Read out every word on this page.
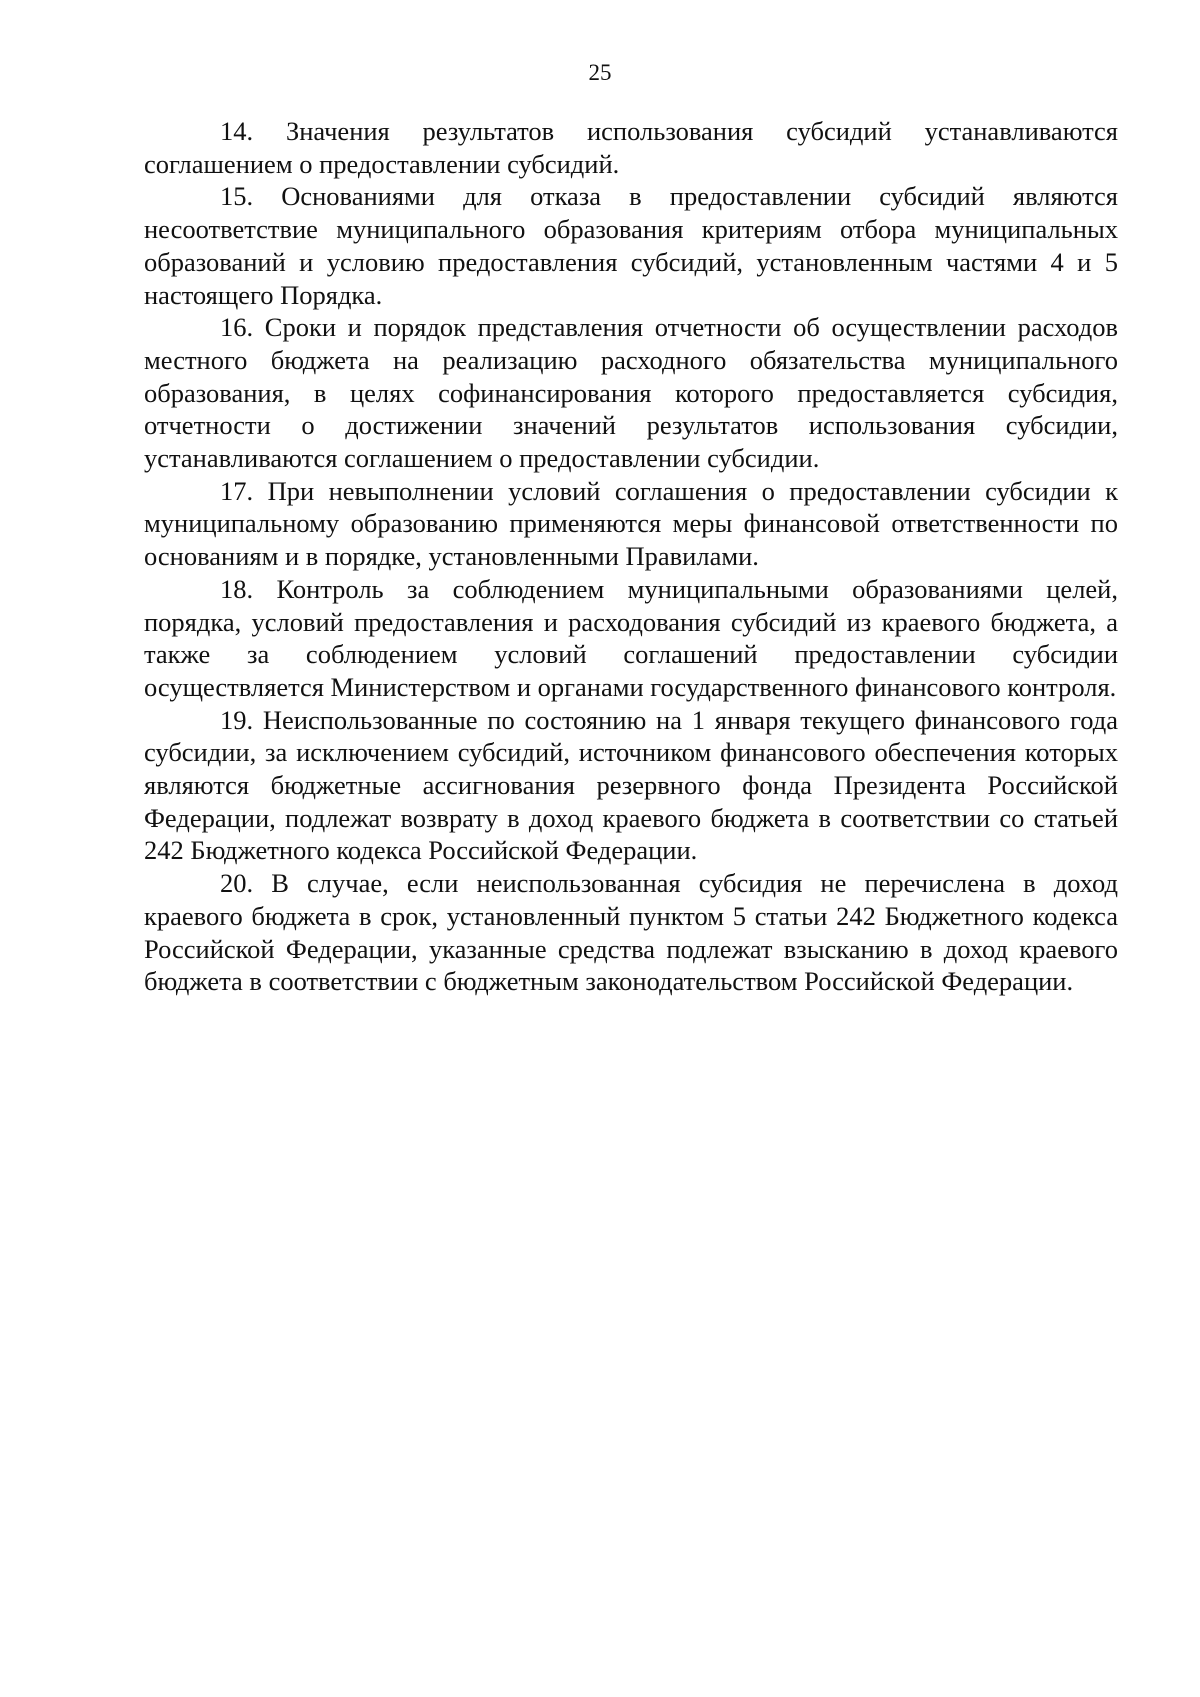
25

14. Значения результатов использования субсидий устанавливаются соглашением о предоставлении субсидий.

15. Основаниями для отказа в предоставлении субсидий являются несоответствие муниципального образования критериям отбора муниципальных образований и условию предоставления субсидий, установленным частями 4 и 5 настоящего Порядка.

16. Сроки и порядок представления отчетности об осуществлении расходов местного бюджета на реализацию расходного обязательства муниципального образования, в целях софинансирования которого предоставляется субсидия, отчетности о достижении значений результатов использования субсидии, устанавливаются соглашением о предоставлении субсидии.

17. При невыполнении условий соглашения о предоставлении субсидии к муниципальному образованию применяются меры финансовой ответственности по основаниям и в порядке, установленными Правилами.

18. Контроль за соблюдением муниципальными образованиями целей, порядка, условий предоставления и расходования субсидий из краевого бюджета, а также за соблюдением условий соглашений предоставлении субсидии осуществляется Министерством и органами государственного финансового контроля.

19. Неиспользованные по состоянию на 1 января текущего финансового года субсидии, за исключением субсидий, источником финансового обеспечения которых являются бюджетные ассигнования резервного фонда Президента Российской Федерации, подлежат возврату в доход краевого бюджета в соответствии со статьей 242 Бюджетного кодекса Российской Федерации.

20. В случае, если неиспользованная субсидия не перечислена в доход краевого бюджета в срок, установленный пунктом 5 статьи 242 Бюджетного кодекса Российской Федерации, указанные средства подлежат взысканию в доход краевого бюджета в соответствии с бюджетным законодательством Российской Федерации.
